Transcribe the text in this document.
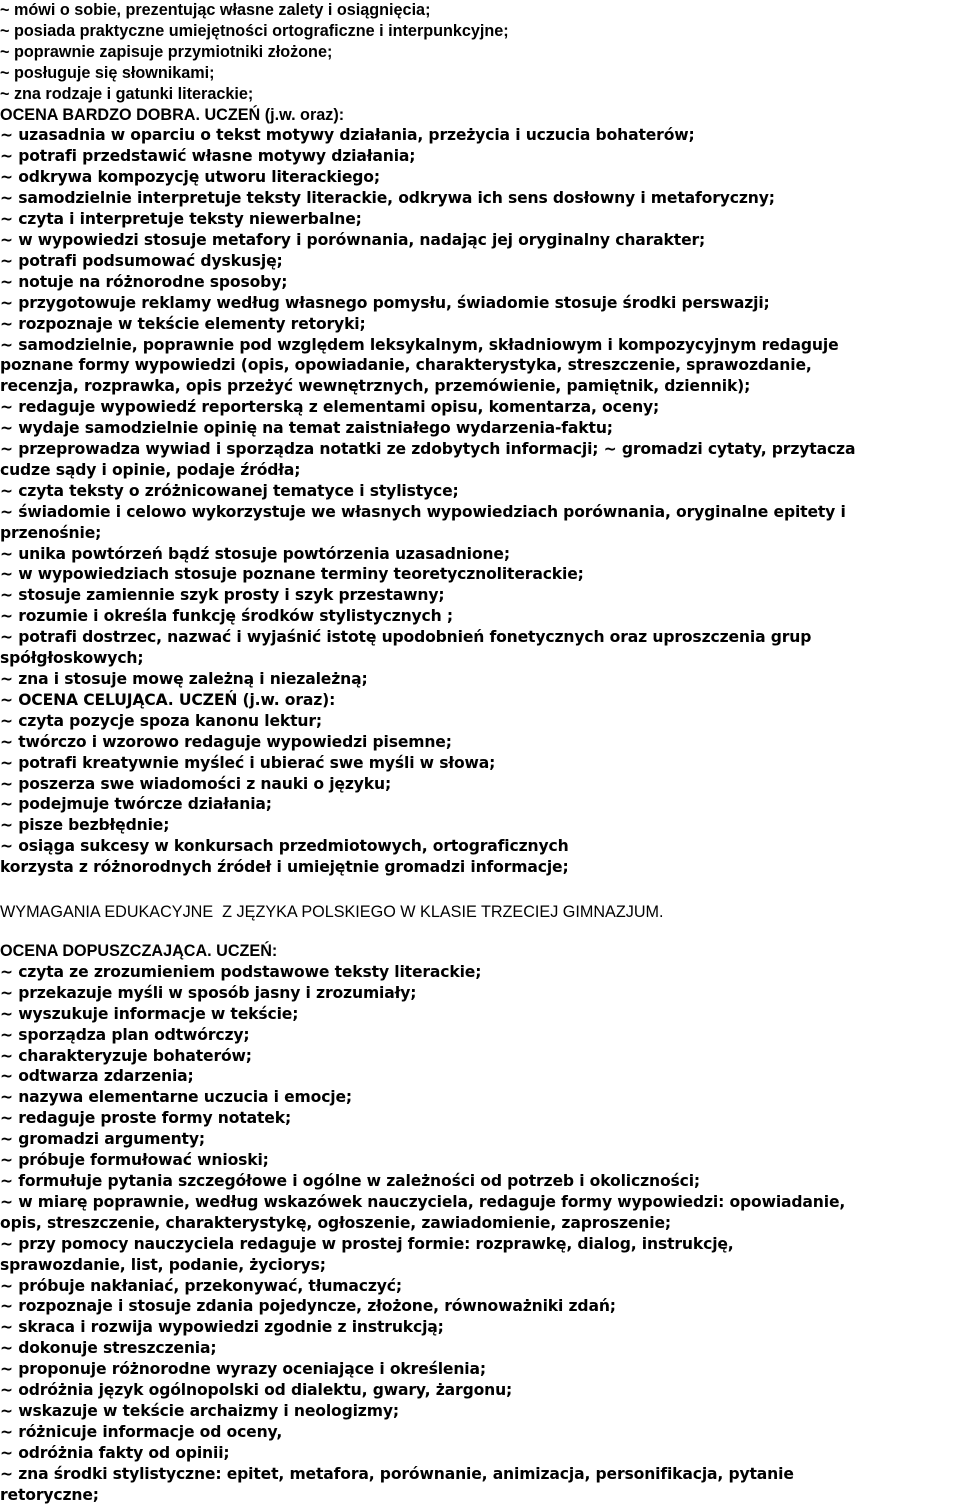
~ mówi o sobie, prezentując własne zalety i osiągnięcia;
~ posiada praktyczne umiejętności ortograficzne i interpunkcyjne;
~ poprawnie zapisuje przymiotniki złożone;
~ posługuje się słownikami;
~ zna rodzaje i gatunki literackie;
OCENA BARDZO DOBRA. UCZEŃ (j.w. oraz):
~ uzasadnia w oparciu o tekst motywy działania, przeżycia i uczucia bohaterów;
~ potrafi przedstawić własne motywy działania;
~ odkrywa kompozycję utworu literackiego;
~ samodzielnie interpretuje teksty literackie, odkrywa ich sens dosłowny i metaforyczny;
~ czyta i interpretuje teksty niewerbalne;
~ w wypowiedzi stosuje metafory i porównania, nadając jej oryginalny charakter;
~ potrafi podsumować dyskusję;
~ notuje na różnorodne sposoby;
~ przygotowuje reklamy według własnego pomysłu, świadomie stosuje środki perswazji;
~ rozpoznaje w tekście elementy retoryki;
~ samodzielnie, poprawnie pod względem leksykalnym, składniowym i kompozycyjnym redaguje
poznane formy wypowiedzi (opis, opowiadanie, charakterystyka, streszczenie, sprawozdanie,
recenzja, rozprawka, opis przeżyć wewnętrznych, przemówienie, pamiętnik, dziennik);
~ redaguje wypowiedź reporterską z elementami opisu, komentarza, oceny;
~ wydaje samodzielnie opinię na temat zaistniałego wydarzenia-faktu;
~ przeprowadza wywiad i sporządza notatki ze zdobytych informacji; ~ gromadzi cytaty, przytacza
cudze sądy i opinie, podaje źródła;
~ czyta teksty o zróżnicowanej tematyce i stylistyce;
~ świadomie i celowo wykorzystuje we własnych wypowiedziach porównania, oryginalne epitety i
przenośnie;
~ unika powtórzeń bądź stosuje powtórzenia uzasadnione;
~ w wypowiedziach stosuje poznane terminy teoretycznoliterackie;
~ stosuje zamiennie szyk prosty i szyk przestawny;
~ rozumie i określa funkcję środków stylistycznych ;
~ potrafi dostrzec, nazwać i wyjaśnić istotę upodobnień fonetycznych oraz uproszczenia grup
spółgłoskowych;
~ zna i stosuje mowę zależną i niezależną;
~ OCENA CELUJĄCA. UCZEŃ (j.w. oraz):
~ czyta pozycje spoza kanonu lektur;
~ twórczo i wzorowo redaguje wypowiedzi pisemne;
~ potrafi kreatywnie myśleć i ubierać swe myśli w słowa;
~ poszerza swe wiadomości z nauki o języku;
~ podejmuje twórcze działania;
~ pisze bezbłędnie;
~ osiąga sukcesy w konkursach przedmiotowych, ortograficznych
korzysta z różnorodnych źródeł i umiejętnie gromadzi informacje;
WYMAGANIA EDUKACYJNE  Z JĘZYKA POLSKIEGO W KLASIE TRZECIEJ GIMNAZJUM.
OCENA DOPUSZCZAJĄCA. UCZEŃ:
~ czyta ze zrozumieniem podstawowe teksty literackie;
~ przekazuje myśli w sposób jasny i zrozumiały;
~ wyszukuje informacje w tekście;
~ sporządza plan odtwórczy;
~ charakteryzuje bohaterów;
~ odtwarza zdarzenia;
~ nazywa elementarne uczucia i emocje;
~ redaguje proste formy notatek;
~ gromadzi argumenty;
~ próbuje formułować wnioski;
~ formułuje pytania szczegółowe i ogólne w zależności od potrzeb i okoliczności;
~ w miarę poprawnie, według wskazówek nauczyciela, redaguje formy wypowiedzi: opowiadanie,
opis, streszczenie, charakterystykę, ogłoszenie, zawiadomienie, zaproszenie;
~ przy pomocy nauczyciela redaguje w prostej formie: rozprawkę, dialog, instrukcję,
sprawozdanie, list, podanie, życiorys;
~ próbuje nakłaniać, przekonywać, tłumaczyć;
~ rozpoznaje i stosuje zdania pojedyncze, złożone, równoważniki zdań;
~ skraca i rozwija wypowiedzi zgodnie z instrukcją;
~ dokonuje streszczenia;
~ proponuje różnorodne wyrazy oceniające i określenia;
~ odróżnia język ogólnopolski od dialektu, gwary, żargonu;
~ wskazuje w tekście archaizmy i neologizmy;
~ różnicuje informacje od oceny,
~ odróżnia fakty od opinii;
~ zna środki stylistyczne: epitet, metafora, porównanie, animizacja, personifikacja, pytanie
retoryczne;
